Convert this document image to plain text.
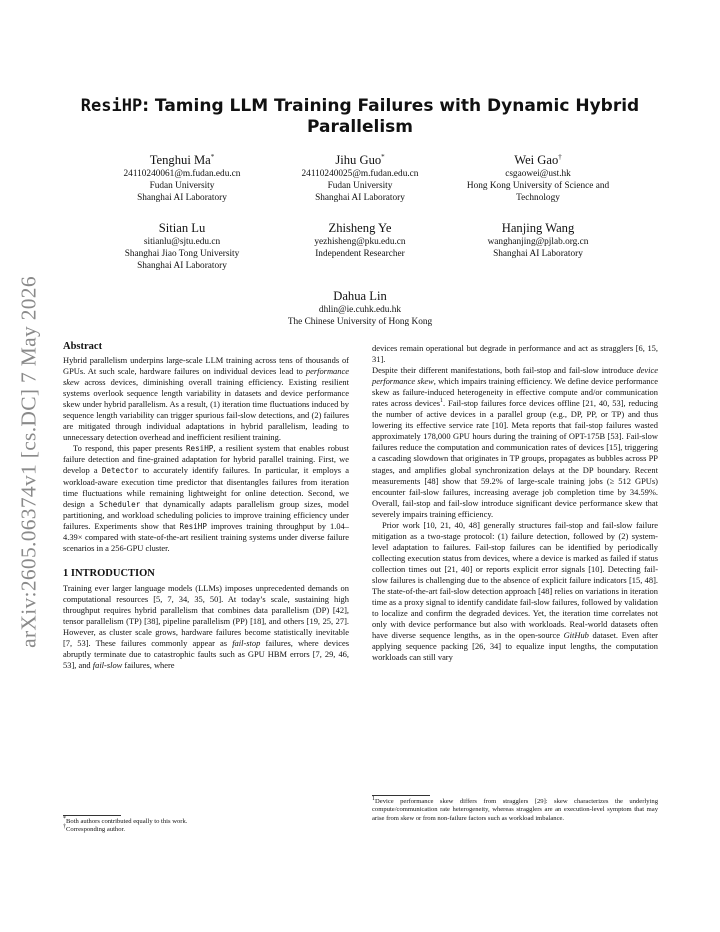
arXiv:2605.06374v1 [cs.DC] 7 May 2026
ResiHP: Taming LLM Training Failures with Dynamic Hybrid Parallelism
Tenghui Ma*
24110240061@m.fudan.edu.cn
Fudan University
Shanghai AI Laboratory
Jihu Guo*
24110240025@m.fudan.edu.cn
Fudan University
Shanghai AI Laboratory
Wei Gao†
csgaowei@ust.hk
Hong Kong University of Science and
Technology
Sitian Lu
sitianlu@sjtu.edu.cn
Shanghai Jiao Tong University
Shanghai AI Laboratory
Zhisheng Ye
yezhisheng@pku.edu.cn
Independent Researcher
Hanjing Wang
wanghanjing@pjlab.org.cn
Shanghai AI Laboratory
Dahua Lin
dhlin@ie.cuhk.edu.hk
The Chinese University of Hong Kong
Abstract

Hybrid parallelism underpins large-scale LLM training across tens of thousands of GPUs. At such scale, hardware failures on individual devices lead to performance skew across devices, diminishing overall training efficiency. Existing resilient systems overlook sequence length variability in datasets and device performance skew under hybrid parallelism. As a result, (1) iteration time fluctuations induced by sequence length variability can trigger spurious fail-slow detections, and (2) failures are mitigated through individual adaptations in hybrid parallelism, leading to unnecessary detection overhead and inefficient resilient training.

To respond, this paper presents ResiHP, a resilient system that enables robust failure detection and fine-grained adaptation for hybrid parallel training. First, we develop a Detector to accurately identify failures. In particular, it employs a workload-aware execution time predictor that disentangles failures from iteration time fluctuations while remaining lightweight for online detection. Second, we design a Scheduler that dynamically adapts parallelism group sizes, model partitioning, and workload scheduling policies to improve training efficiency under failures. Experiments show that ResiHP improves training throughput by 1.04–4.39× compared with state-of-the-art resilient training systems under diverse failure scenarios in a 256-GPU cluster.

1 INTRODUCTION

Training ever larger language models (LLMs) imposes unprecedented demands on computational resources [5, 7, 34, 35, 50]. At today’s scale, sustaining high throughput requires hybrid parallelism that combines data parallelism (DP) [42], tensor parallelism (TP) [38], pipeline parallelism (PP) [18], and others [19, 25, 27]. However, as cluster scale grows, hardware failures become statistically inevitable [7, 53]. These failures commonly appear as fail-stop failures, where devices abruptly terminate due to catastrophic faults such as GPU HBM errors [7, 29, 46, 53], and fail-slow failures, where

*Both authors contributed equally to this work.
†Corresponding author.

devices remain operational but degrade in performance and act as stragglers [6, 15, 31].

Despite their different manifestations, both fail-stop and fail-slow introduce device performance skew, which impairs training efficiency. We define device performance skew as failure-induced heterogeneity in effective compute and/or communication rates across devices$^1$. Fail-stop failures force devices offline [21, 40, 53], reducing the number of active devices in a parallel group (e.g., DP, PP, or TP) and thus lowering its effective service rate [10]. Meta reports that fail-stop failures wasted approximately 178,000 GPU hours during the training of OPT-175B [53]. Fail-slow failures reduce the computation and communication rates of devices [15], triggering a cascading slowdown that originates in TP groups, propagates as bubbles across PP stages, and amplifies global synchronization delays at the DP boundary. Recent measurements [48] show that 59.2% of large-scale training jobs (≥ 512 GPUs) encounter fail-slow failures, increasing average job completion time by 34.59%. Overall, fail-stop and fail-slow introduce significant device performance skew that severely impairs training efficiency.

Prior work [10, 21, 40, 48] generally structures fail-stop and fail-slow failure mitigation as a two-stage protocol: (1) failure detection, followed by (2) system-level adaptation to failures. Fail-stop failures can be identified by periodically collecting execution status from devices, where a device is marked as failed if status collection times out [21, 40] or reports explicit error signals [10]. Detecting fail-slow failures is challenging due to the absence of explicit failure indicators [15, 48]. The state-of-the-art fail-slow detection approach [48] relies on variations in iteration time as a proxy signal to identify candidate fail-slow failures, followed by validation to localize and confirm the degraded devices. Yet, the iteration time correlates not only with device performance but also with workloads. Real-world datasets often have diverse sequence lengths, as in the open-source GitHub dataset. Even after applying sequence packing [26, 34] to equalize input lengths, the computation workloads can still vary

$^1$Device performance skew differs from stragglers [29]: skew characterizes the underlying compute/communication rate heterogeneity, whereas stragglers are an execution-level symptom that may arise from skew or from non-failure factors such as workload imbalance.
